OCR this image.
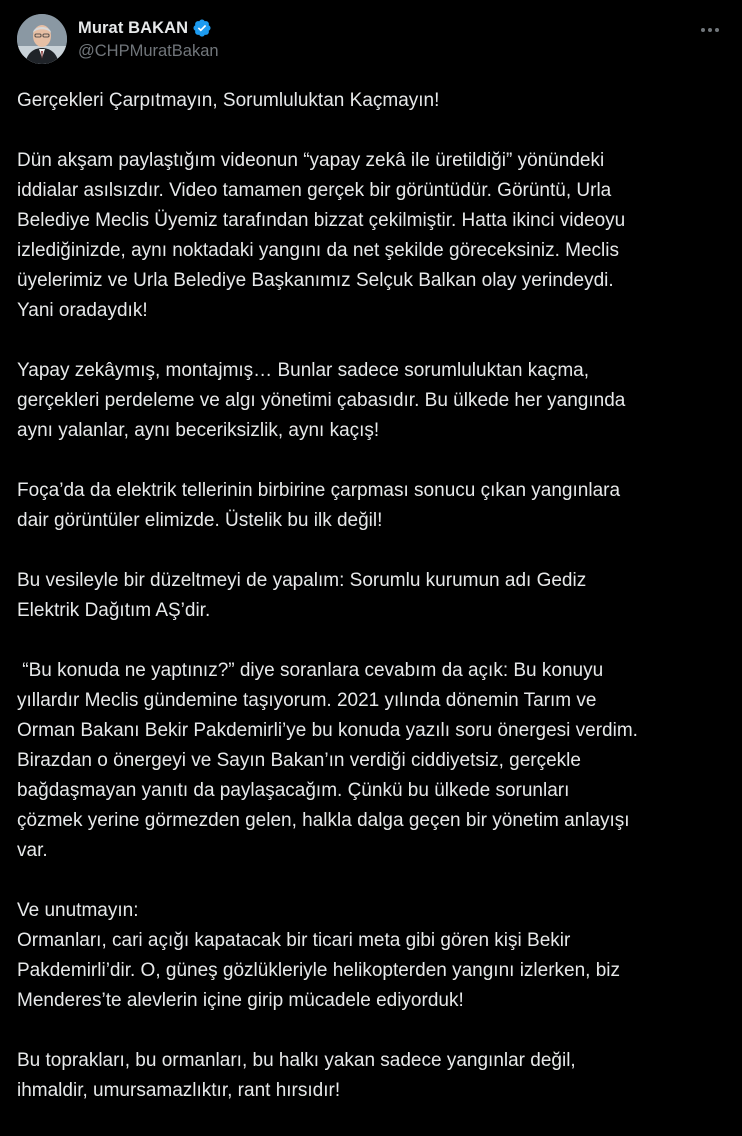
Murat BAKAN
@CHPMuratBakan
Gerçekleri Çarpıtmayın, Sorumluluktan Kaçmayın!
Dün akşam paylaştığım videonun “yapay zekâ ile üretildiği” yönündeki
iddialar asılsızdır. Video tamamen gerçek bir görüntüdür. Görüntü, Urla
Belediye Meclis Üyemiz tarafından bizzat çekilmiştir. Hatta ikinci videoyu
izlediğinizde, aynı noktadaki yangını da net şekilde göreceksiniz. Meclis
üyelerimiz ve Urla Belediye Başkanımız Selçuk Balkan olay yerindeydi.
Yani oradaydık!
Yapay zekâymış, montajmış… Bunlar sadece sorumluluktan kaçma,
gerçekleri perdeleme ve algı yönetimi çabasıdır. Bu ülkede her yangında
aynı yalanlar, aynı beceriksizlik, aynı kaçış!
Foça’da da elektrik tellerinin birbirine çarpması sonucu çıkan yangınlara
dair görüntüler elimizde. Üstelik bu ilk değil!
Bu vesileyle bir düzeltmeyi de yapalım: Sorumlu kurumun adı Gediz
Elektrik Dağıtım AŞ’dir.
“Bu konuda ne yaptınız?” diye soranlara cevabım da açık: Bu konuyu
yıllardır Meclis gündemine taşıyorum. 2021 yılında dönemin Tarım ve
Orman Bakanı Bekir Pakdemirli’ye bu konuda yazılı soru önergesi verdim.
Birazdan o önergeyi ve Sayın Bakan’ın verdiği ciddiyetsiz, gerçekle
bağdaşmayan yanıtı da paylaşacağım. Çünkü bu ülkede sorunları
çözmek yerine görmezden gelen, halkla dalga geçen bir yönetim anlayışı
var.
Ve unutmayın:
Ormanları, cari açığı kapatacak bir ticari meta gibi gören kişi Bekir
Pakdemirli’dir. O, güneş gözlükleriyle helikopterden yangını izlerken, biz
Menderes’te alevlerin içine girip mücadele ediyorduk!
Bu toprakları, bu ormanları, bu halkı yakan sadece yangınlar değil,
ihmaldir, umursamazlıktır, rant hırsıdır!
